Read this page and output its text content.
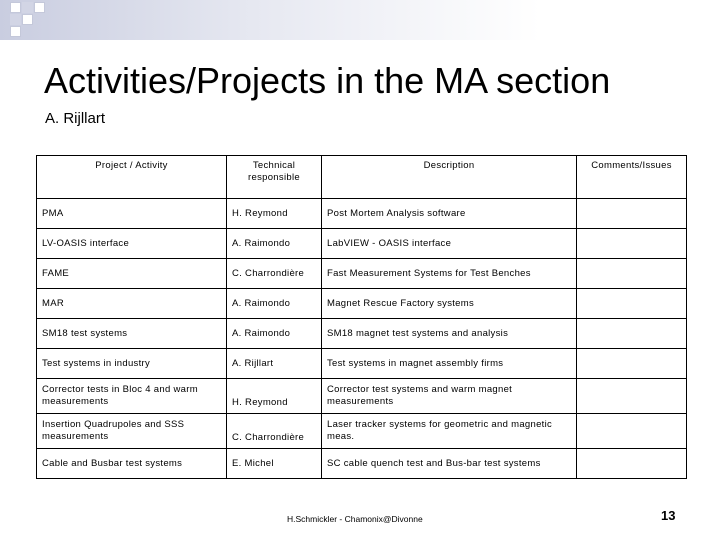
Activities/Projects in the MA section
A. Rijllart
Project / Activity	Technical responsible	Description	Comments/Issues
PMA	H. Reymond	Post Mortem Analysis software	
LV-OASIS interface	A. Raimondo	LabVIEW - OASIS interface	
FAME	C. Charrondière	Fast Measurement Systems for Test Benches	
MAR	A. Raimondo	Magnet Rescue Factory systems	
SM18 test systems	A. Raimondo	SM18 magnet test systems and analysis	
Test systems in industry	A. Rijllart	Test systems in magnet assembly firms	
Corrector tests in Bloc 4 and warm measurements	H. Reymond	Corrector test systems and warm magnet measurements	
Insertion Quadrupoles and SSS measurements	C. Charrondière	Laser tracker systems for geometric and magnetic meas.	
Cable and Busbar test systems	E. Michel	SC cable quench test and Bus-bar test systems	
H.Schmickler - Chamonix@Divonne	13
